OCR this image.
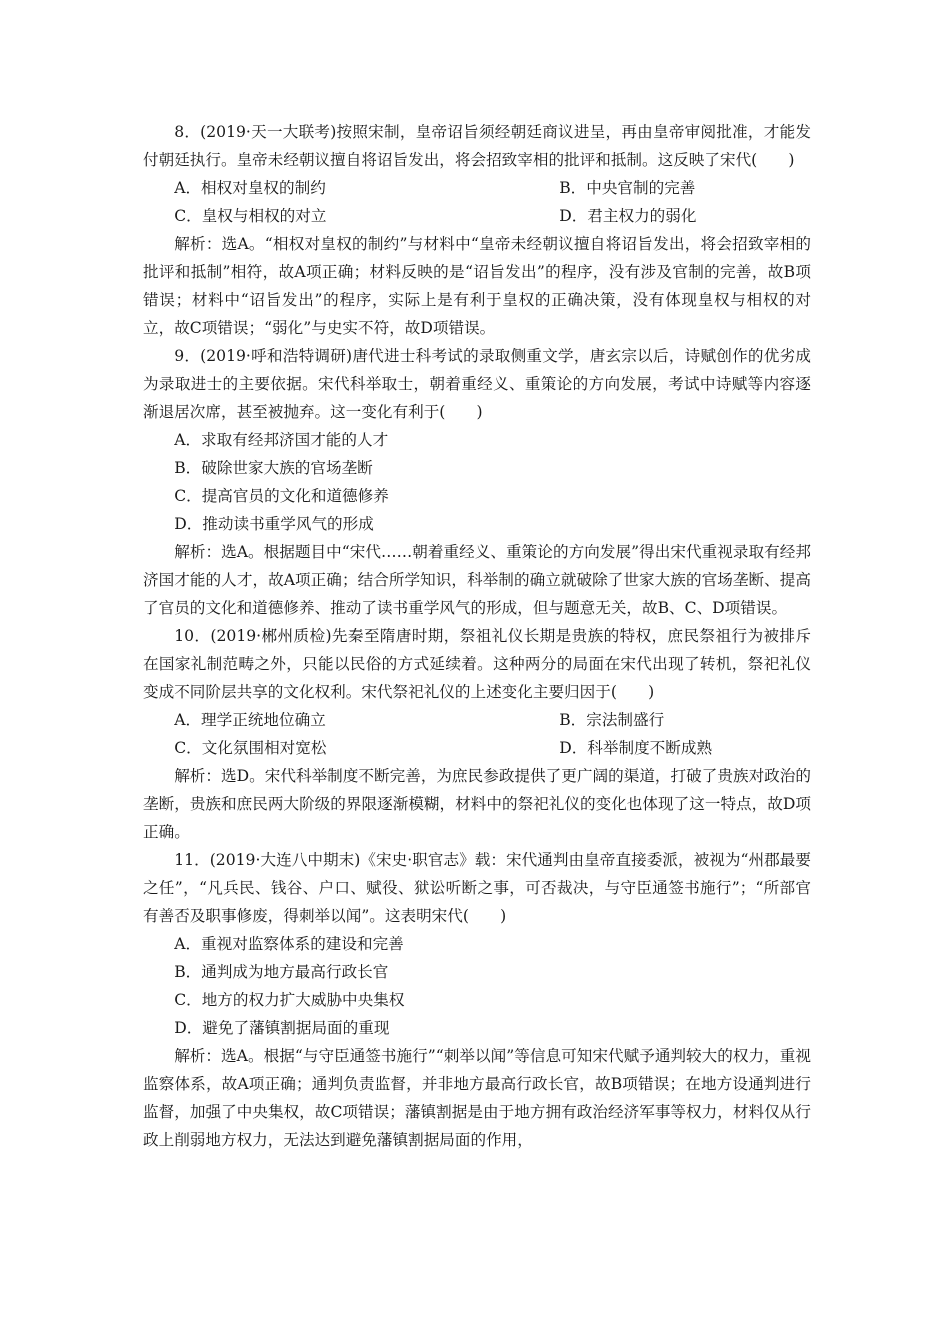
8．(2019·天一大联考)按照宋制，皇帝诏旨须经朝廷商议进呈，再由皇帝审阅批准，才能发付朝廷执行。皇帝未经朝议擅自将诏旨发出，将会招致宰相的批评和抵制。这反映了宋代(　　)

A．相权对皇权的制约	B．中央官制的完善

C．皇权与相权的对立	D．君主权力的弱化

解析：选A。“相权对皇权的制约”与材料中“皇帝未经朝议擅自将诏旨发出，将会招致宰相的批评和抵制”相符，故A项正确；材料反映的是“诏旨发出”的程序，没有涉及官制的完善，故B项错误；材料中“诏旨发出”的程序，实际上是有利于皇权的正确决策，没有体现皇权与相权的对立，故C项错误；“弱化”与史实不符，故D项错误。

9．(2019·呼和浩特调研)唐代进士科考试的录取侧重文学，唐玄宗以后，诗赋创作的优劣成为录取进士的主要依据。宋代科举取士，朝着重经义、重策论的方向发展，考试中诗赋等内容逐渐退居次席，甚至被抛弃。这一变化有利于(　　)

A．求取有经邦济国才能的人才

B．破除世家大族的官场垄断

C．提高官员的文化和道德修养

D．推动读书重学风气的形成

解析：选A。根据题目中“宋代……朝着重经义、重策论的方向发展”得出宋代重视录取有经邦济国才能的人才，故A项正确；结合所学知识，科举制的确立就破除了世家大族的官场垄断、提高了官员的文化和道德修养、推动了读书重学风气的形成，但与题意无关，故B、C、D项错误。

10．(2019·郴州质检)先秦至隋唐时期，祭祖礼仪长期是贵族的特权，庶民祭祖行为被排斥在国家礼制范畴之外，只能以民俗的方式延续着。这种两分的局面在宋代出现了转机，祭祀礼仪变成不同阶层共享的文化权利。宋代祭祀礼仪的上述变化主要归因于(　　)

A．理学正统地位确立	B．宗法制盛行

C．文化氛围相对宽松	D．科举制度不断成熟

解析：选D。宋代科举制度不断完善，为庶民参政提供了更广阔的渠道，打破了贵族对政治的垄断，贵族和庶民两大阶级的界限逐渐模糊，材料中的祭祀礼仪的变化也体现了这一特点，故D项正确。

11．(2019·大连八中期末)《宋史·职官志》载：宋代通判由皇帝直接委派，被视为“州郡最要之任”，“凡兵民、钱谷、户口、赋役、狱讼听断之事，可否裁决，与守臣通签书施行”；“所部官有善否及职事修废，得刺举以闻”。这表明宋代(　　)

A．重视对监察体系的建设和完善

B．通判成为地方最高行政长官

C．地方的权力扩大威胁中央集权

D．避免了藩镇割据局面的重现

解析：选A。根据“与守臣通签书施行”“刺举以闻”等信息可知宋代赋予通判较大的权力，重视监察体系，故A项正确；通判负责监督，并非地方最高行政长官，故B项错误；在地方设通判进行监督，加强了中央集权，故C项错误；藩镇割据是由于地方拥有政治经济军事等权力，材料仅从行政上削弱地方权力，无法达到避免藩镇割据局面的作用，
